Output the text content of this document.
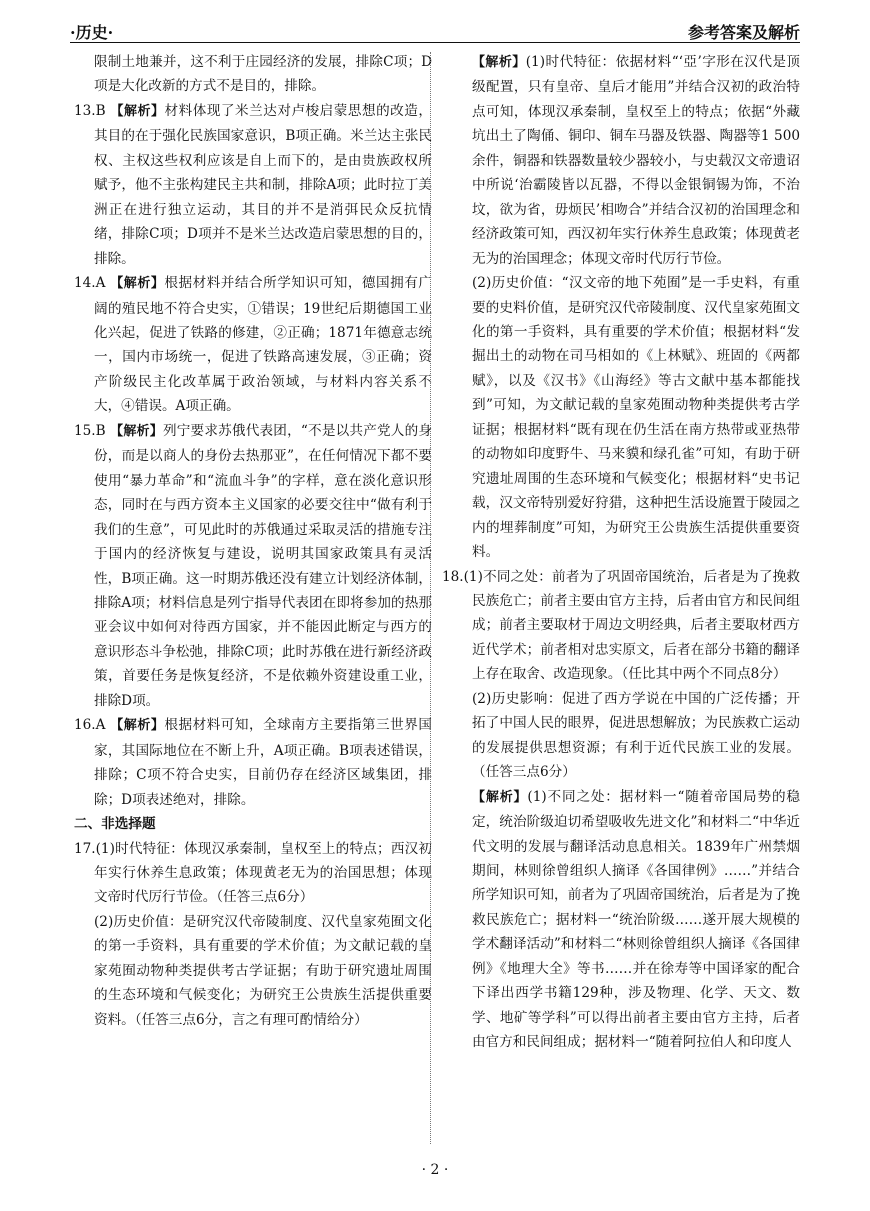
·历史·	参考答案及解析

限制土地兼并，这不利于庄园经济的发展，排除C项；D项是大化改新的方式不是目的，排除。

13.B 【解析】材料体现了米兰达对卢梭启蒙思想的改造，其目的在于强化民族国家意识，B项正确。米兰达主张民权、主权这些权利应该是自上而下的，是由贵族政权所赋予，他不主张构建民主共和制，排除A项；此时拉丁美洲正在进行独立运动，其目的并不是消弭民众反抗情绪，排除C项；D项并不是米兰达改造启蒙思想的目的，排除。

14.A 【解析】根据材料并结合所学知识可知，德国拥有广阔的殖民地不符合史实，①错误；19世纪后期德国工业化兴起，促进了铁路的修建，②正确；1871年德意志统一，国内市场统一，促进了铁路高速发展，③正确；资产阶级民主化改革属于政治领域，与材料内容关系不大，④错误。A项正确。

15.B 【解析】列宁要求苏俄代表团，“不是以共产党人的身份，而是以商人的身份去热那亚”，在任何情况下都不要使用“暴力革命”和“流血斗争”的字样，意在淡化意识形态，同时在与西方资本主义国家的必要交往中“做有利于我们的生意”，可见此时的苏俄通过采取灵活的措施专注于国内的经济恢复与建设，说明其国家政策具有灵活性，B项正确。这一时期苏俄还没有建立计划经济体制，排除A项；材料信息是列宁指导代表团在即将参加的热那亚会议中如何对待西方国家，并不能因此断定与西方的意识形态斗争松弛，排除C项；此时苏俄在进行新经济政策，首要任务是恢复经济，不是依赖外资建设重工业，排除D项。

16.A 【解析】根据材料可知，全球南方主要指第三世界国家，其国际地位在不断上升，A项正确。B项表述错误，排除；C项不符合史实，目前仍存在经济区域集团，排除；D项表述绝对，排除。

二、非选择题

17.(1)时代特征：体现汉承秦制，皇权至上的特点；西汉初年实行休养生息政策；体现黄老无为的治国思想；体现文帝时代厉行节俭。（任答三点6分）

(2)历史价值：是研究汉代帝陵制度、汉代皇家苑囿文化的第一手资料，具有重要的学术价值；为文献记载的皇家苑囿动物种类提供考古学证据；有助于研究遗址周围的生态环境和气候变化；为研究王公贵族生活提供重要资料。（任答三点6分，言之有理可酌情给分）

【解析】(1)时代特征：依据材料“‘亞’字形在汉代是顶级配置，只有皇帝、皇后才能用”并结合汉初的政治特点可知，体现汉承秦制，皇权至上的特点；依据“外藏坑出土了陶俑、铜印、铜车马器及铁器、陶器等1 500余件，铜器和铁器数量较少器较小，与史载汉文帝遗诏中所说‘治霸陵皆以瓦器，不得以金银铜锡为饰，不治坟，欲为省，毋烦民’相吻合”并结合汉初的治国理念和经济政策可知，西汉初年实行休养生息政策；体现黄老无为的治国理念；体现文帝时代厉行节俭。

(2)历史价值：“汉文帝的地下苑囿”是一手史料，有重要的史料价值，是研究汉代帝陵制度、汉代皇家苑囿文化的第一手资料，具有重要的学术价值；根据材料“发掘出土的动物在司马相如的《上林赋》、班固的《两都赋》，以及《汉书》《山海经》等古文献中基本都能找到”可知，为文献记载的皇家苑囿动物种类提供考古学证据；根据材料“既有现在仍生活在南方热带或亚热带的动物如印度野牛、马来貘和绿孔雀”可知，有助于研究遗址周围的生态环境和气候变化；根据材料“史书记载，汉文帝特别爱好狩猎，这种把生活设施置于陵园之内的埋葬制度”可知，为研究王公贵族生活提供重要资料。

18.(1)不同之处：前者为了巩固帝国统治，后者是为了挽救民族危亡；前者主要由官方主持，后者由官方和民间组成；前者主要取材于周边文明经典，后者主要取材西方近代学术；前者相对忠实原文，后者在部分书籍的翻译上存在取舍、改造现象。（任比其中两个不同点8分）

(2)历史影响：促进了西方学说在中国的广泛传播；开拓了中国人民的眼界，促进思想解放；为民族救亡运动的发展提供思想资源；有利于近代民族工业的发展。（任答三点6分）

【解析】(1)不同之处：据材料一“随着帝国局势的稳定，统治阶级迫切希望吸收先进文化”和材料二“中华近代文明的发展与翻译活动息息相关。1839年广州禁烟期间，林则徐曾组织人摘译《各国律例》……”并结合所学知识可知，前者为了巩固帝国统治，后者是为了挽救民族危亡；据材料一“统治阶级……遂开展大规模的学术翻译活动”和材料二“林则徐曾组织人摘译《各国律例》《地理大全》等书……并在徐寿等中国译家的配合下译出西学书籍129种，涉及物理、化学、天文、数学、地矿等学科”可以得出前者主要由官方主持，后者由官方和民间组成；据材料一“随着阿拉伯人和印度人

· 2 ·
